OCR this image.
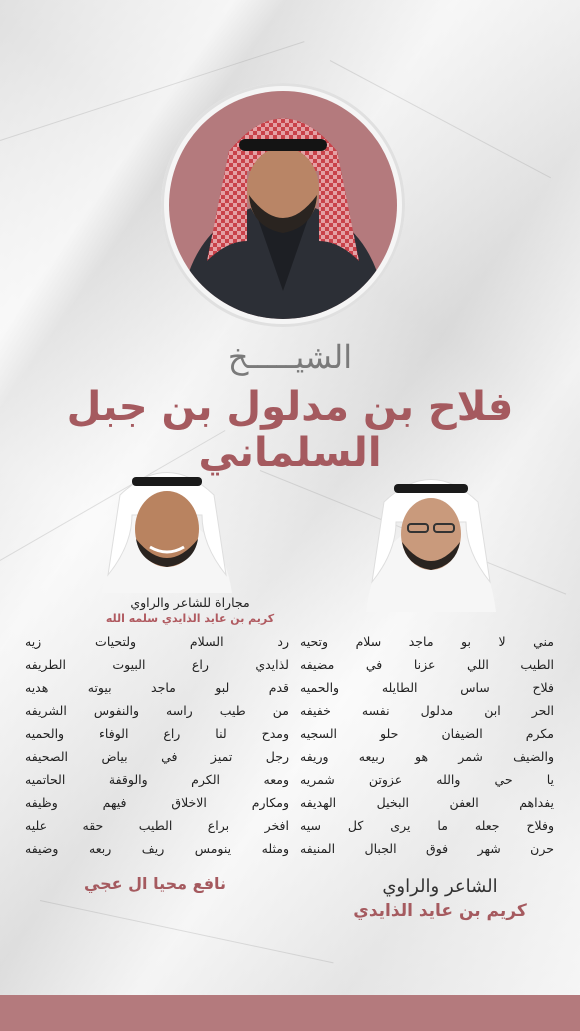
الشيـــــخ
فلاح بن مدلول بن جبل السلماني
مجاراة للشاعر والراوي
كريم بن عايد الذايدي سلمه الله
مني لا بو ماجد سلام وتحيه
الطيب اللي عزنا في مضيفه
فلاح ساس الطايله والحميه
الحر ابن مدلول نفسه خفيفه
مكرم الضيفان حلو السجيه
والضيف شمر هو ربيعه وريفه
يا حي والله عزوتن شمريه
يفداهم العفن البخيل الهديفه
وفلاح جعله ما يرى كل سيه
حرن شهر فوق الجبال المنيفه
رد السلام ولتحيات زيه
لذايدي راع البيوت الطريفه
قدم لبو ماجد بيوته هديه
من طيب راسه والنفوس الشريفه
ومدح لنا راع الوفاء والحميه
رجل تميز في بياض الصحيفه
ومعه الكرم والوقفة الحاتميه
ومكارم الاخلاق فيهم وظيفه
افخر براع الطيب حقه عليه
ومثله ينومس ريف ربعه وضيفه
الشاعر والراوي
كريم بن عايد الذايدي
نافع محيا ال عجي
